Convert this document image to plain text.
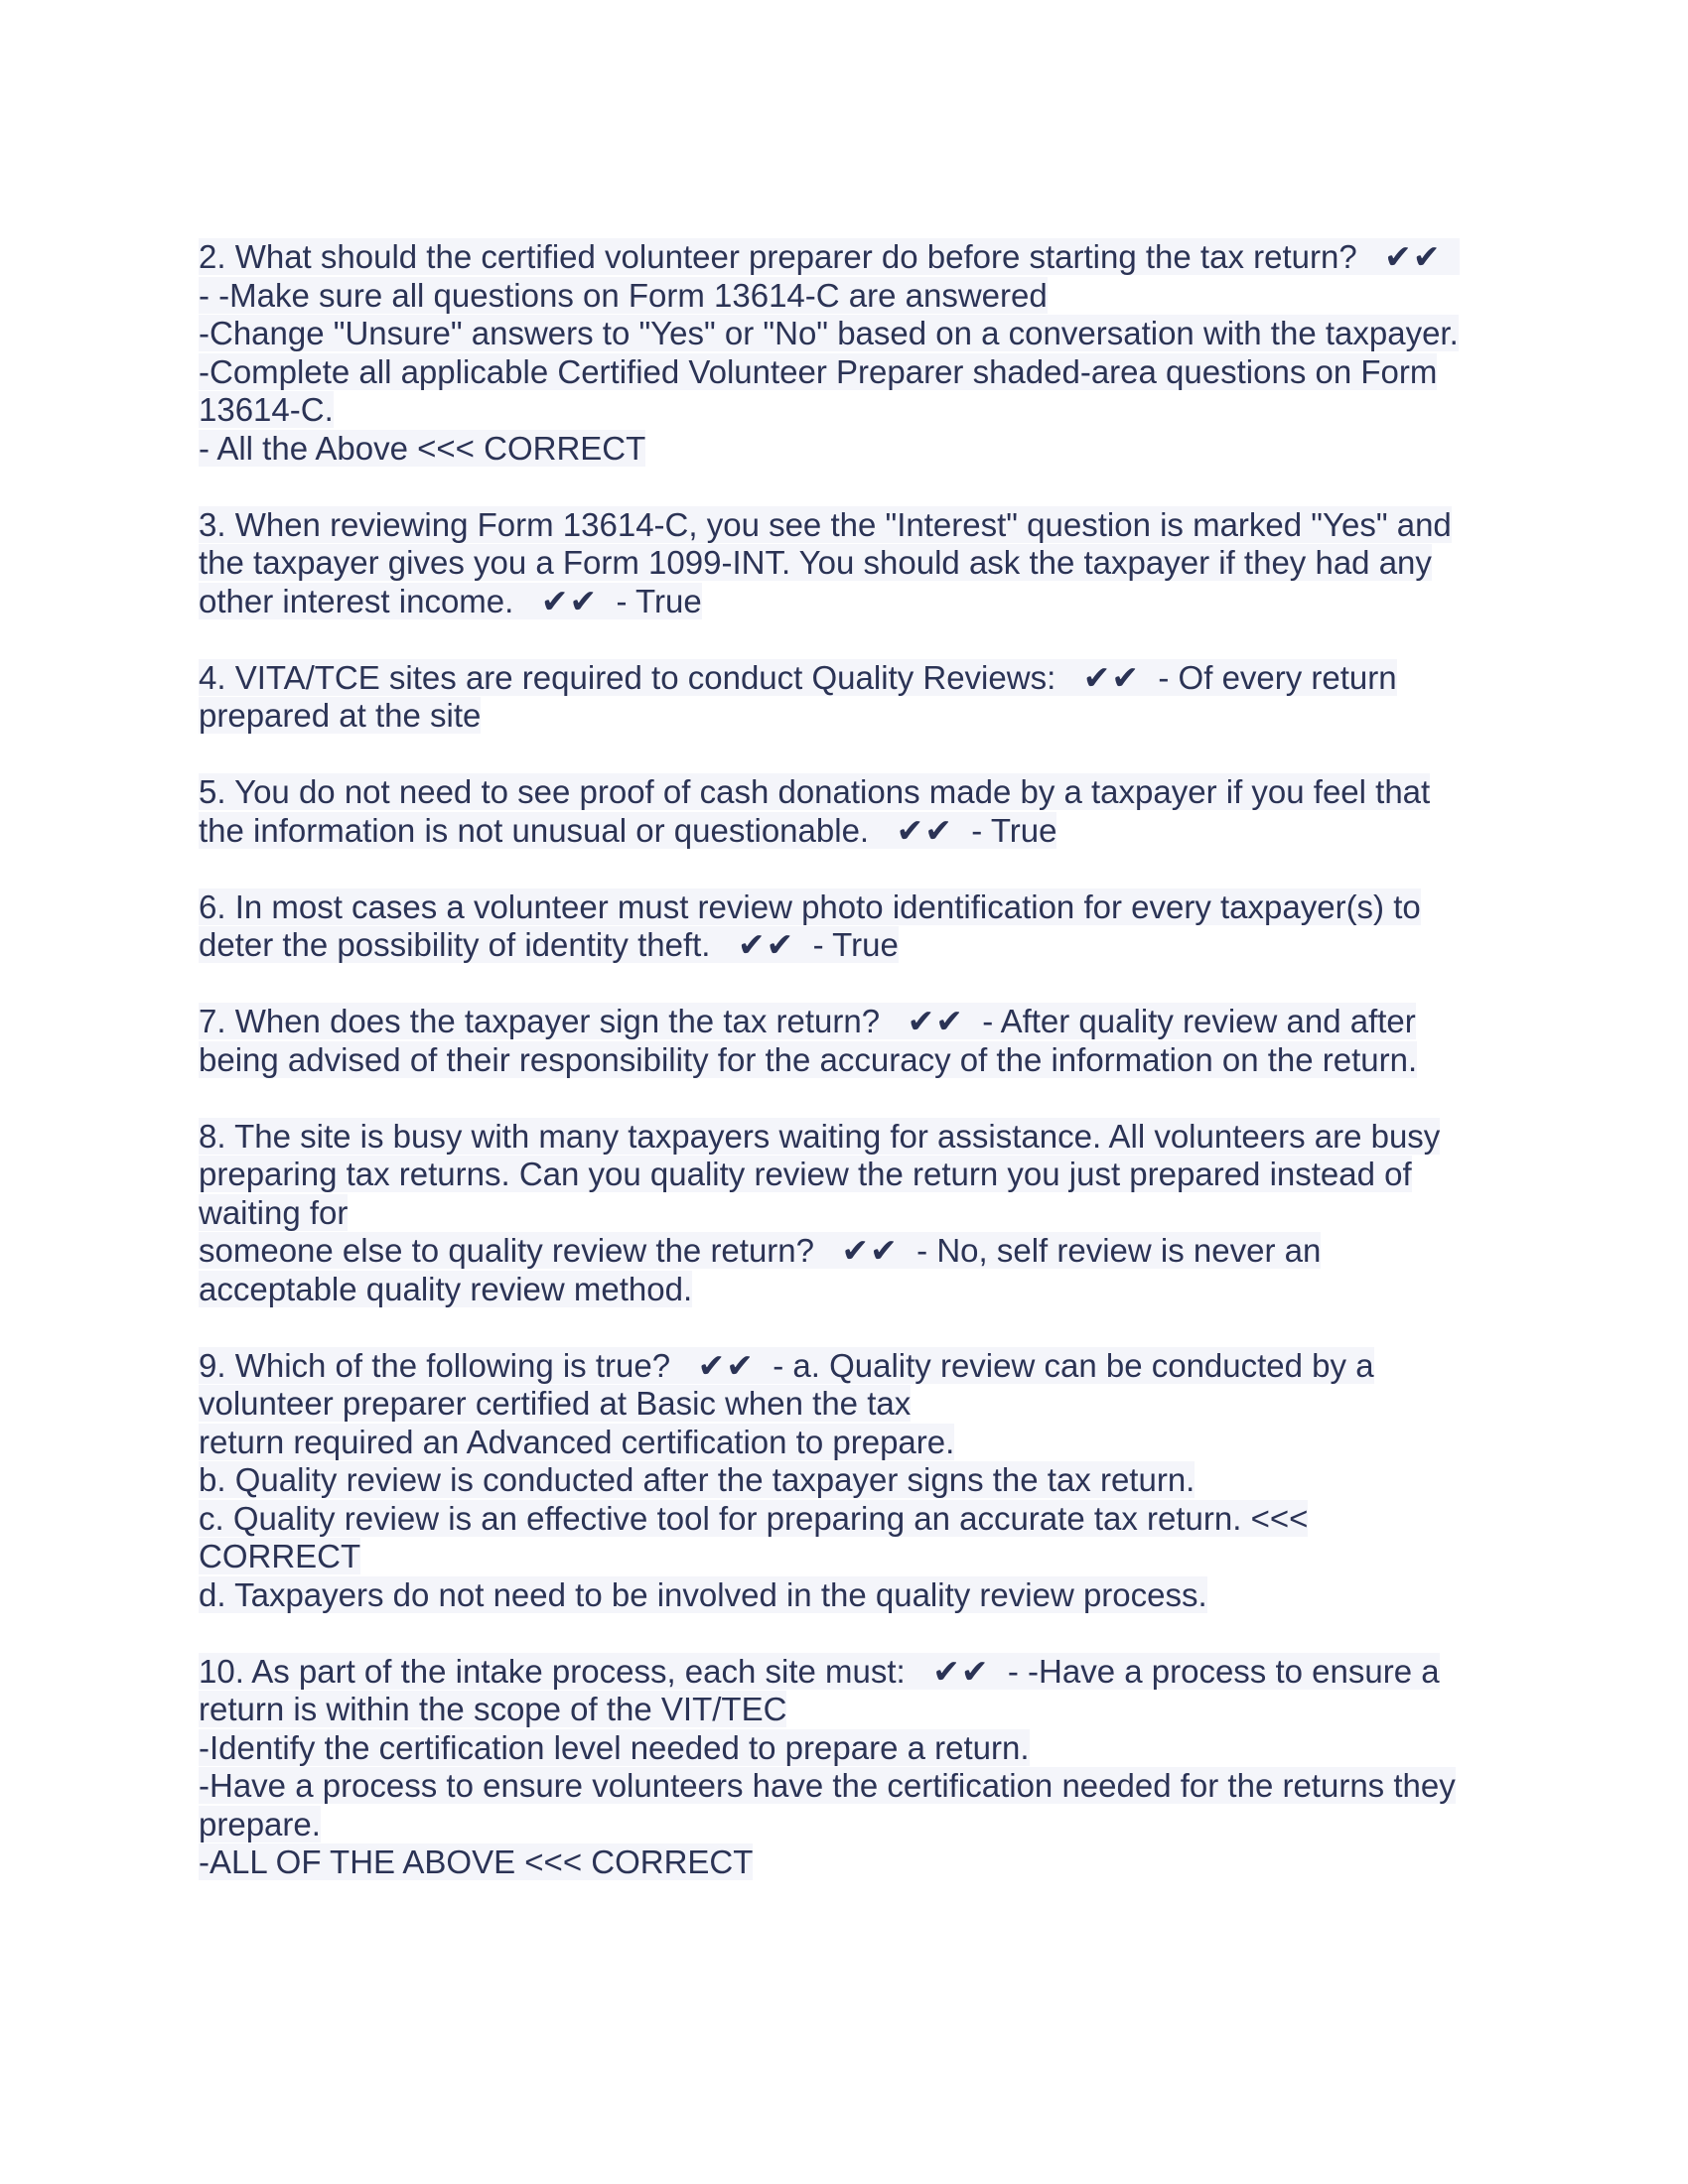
2. What should the certified volunteer preparer do before starting the tax return?   ✔✔
- -Make sure all questions on Form 13614-C are answered
-Change "Unsure" answers to "Yes" or "No" based on a conversation with the taxpayer.
-Complete all applicable Certified Volunteer Preparer shaded-area questions on Form
13614-C.
- All the Above <<< CORRECT
3. When reviewing Form 13614-C, you see the "Interest" question is marked "Yes" and
the taxpayer gives you a Form 1099-INT. You should ask the taxpayer if they had any
other interest income.   ✔✔  - True
4. VITA/TCE sites are required to conduct Quality Reviews:   ✔✔  - Of every return
prepared at the site
5. You do not need to see proof of cash donations made by a taxpayer if you feel that
the information is not unusual or questionable.   ✔✔  - True
6. In most cases a volunteer must review photo identification for every taxpayer(s) to
deter the possibility of identity theft.   ✔✔  - True
7. When does the taxpayer sign the tax return?   ✔✔  - After quality review and after
being advised of their responsibility for the accuracy of the information on the return.
8. The site is busy with many taxpayers waiting for assistance. All volunteers are busy
preparing tax returns. Can you quality review the return you just prepared instead of
waiting for
someone else to quality review the return?   ✔✔  - No, self review is never an
acceptable quality review method.
9. Which of the following is true?   ✔✔  - a. Quality review can be conducted by a
volunteer preparer certified at Basic when the tax
return required an Advanced certification to prepare.
b. Quality review is conducted after the taxpayer signs the tax return.
c. Quality review is an effective tool for preparing an accurate tax return. <<<
CORRECT
d. Taxpayers do not need to be involved in the quality review process.
10. As part of the intake process, each site must:   ✔✔  - -Have a process to ensure a
return is within the scope of the VIT/TEC
-Identify the certification level needed to prepare a return.
-Have a process to ensure volunteers have the certification needed for the returns they
prepare.
-ALL OF THE ABOVE <<< CORRECT
